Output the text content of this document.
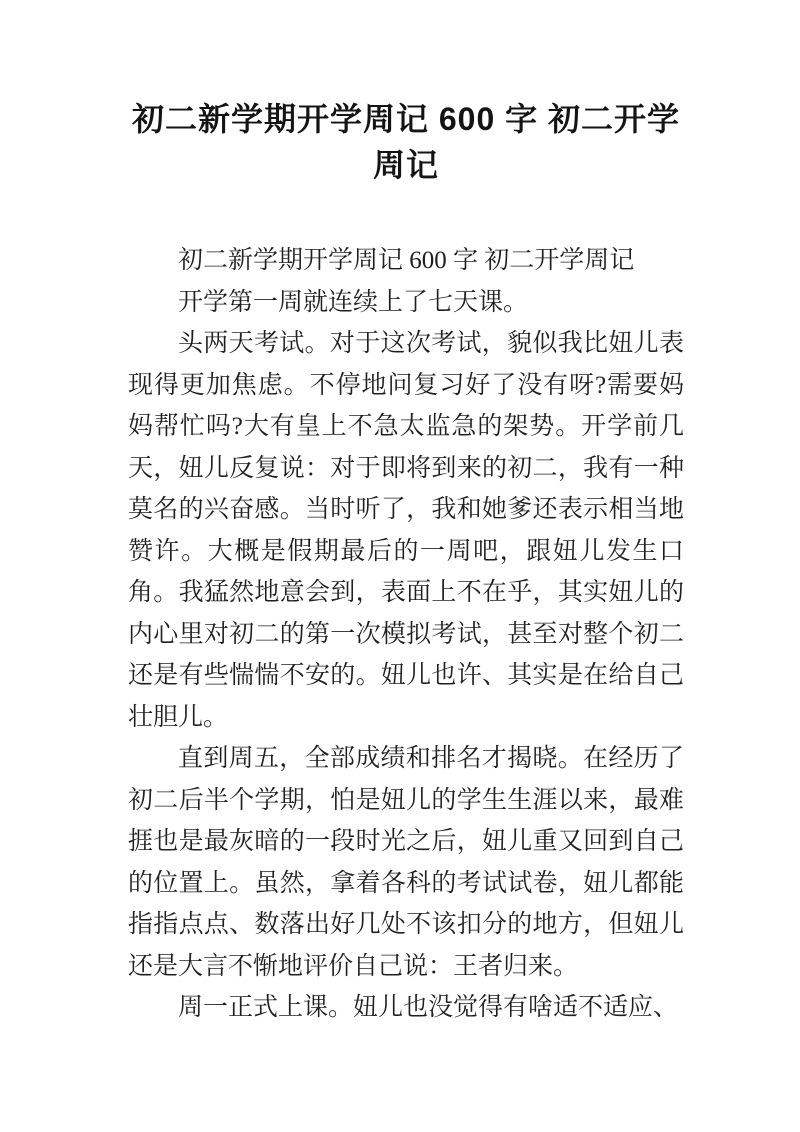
初二新学期开学周记 600 字 初二开学周记

初二新学期开学周记 600 字 初二开学周记

开学第一周就连续上了七天课。

头两天考试。对于这次考试，貌似我比妞儿表现得更加焦虑。不停地问复习好了没有呀?需要妈妈帮忙吗?大有皇上不急太监急的架势。开学前几天，妞儿反复说：对于即将到来的初二，我有一种莫名的兴奋感。当时听了，我和她爹还表示相当地赞许。大概是假期最后的一周吧，跟妞儿发生口角。我猛然地意会到，表面上不在乎，其实妞儿的内心里对初二的第一次模拟考试，甚至对整个初二还是有些惴惴不安的。妞儿也许、其实是在给自己壮胆儿。

直到周五，全部成绩和排名才揭晓。在经历了初二后半个学期，怕是妞儿的学生生涯以来，最难捱也是最灰暗的一段时光之后，妞儿重又回到自己的位置上。虽然，拿着各科的考试试卷，妞儿都能指指点点、数落出好几处不该扣分的地方，但妞儿还是大言不惭地评价自己说：王者归来。

周一正式上课。妞儿也没觉得有啥适不适应、
